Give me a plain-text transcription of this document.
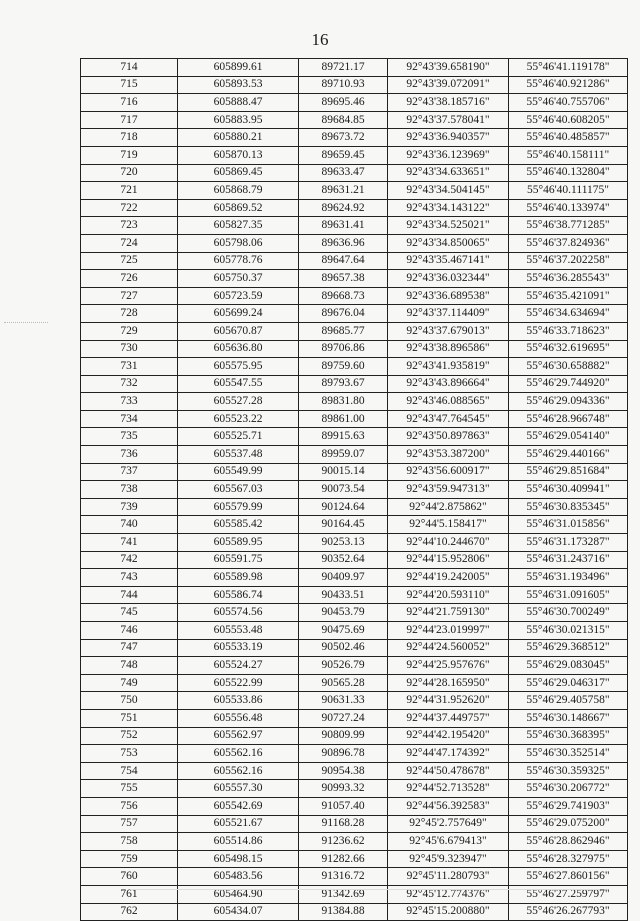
16
714	605899.61	89721.17	92°43'39.658190"	55°46'41.119178"
715	605893.53	89710.93	92°43'39.072091"	55°46'40.921286"
716	605888.47	89695.46	92°43'38.185716"	55°46'40.755706"
717	605883.95	89684.85	92°43'37.578041"	55°46'40.608205"
718	605880.21	89673.72	92°43'36.940357"	55°46'40.485857"
719	605870.13	89659.45	92°43'36.123969"	55°46'40.158111"
720	605869.45	89633.47	92°43'34.633651"	55°46'40.132804"
721	605868.79	89631.21	92°43'34.504145"	55°46'40.111175"
722	605869.52	89624.92	92°43'34.143122"	55°46'40.133974"
723	605827.35	89631.41	92°43'34.525021"	55°46'38.771285"
724	605798.06	89636.96	92°43'34.850065"	55°46'37.824936"
725	605778.76	89647.64	92°43'35.467141"	55°46'37.202258"
726	605750.37	89657.38	92°43'36.032344"	55°46'36.285543"
727	605723.59	89668.73	92°43'36.689538"	55°46'35.421091"
728	605699.24	89676.04	92°43'37.114409"	55°46'34.634694"
729	605670.87	89685.77	92°43'37.679013"	55°46'33.718623"
730	605636.80	89706.86	92°43'38.896586"	55°46'32.619695"
731	605575.95	89759.60	92°43'41.935819"	55°46'30.658882"
732	605547.55	89793.67	92°43'43.896664"	55°46'29.744920"
733	605527.28	89831.80	92°43'46.088565"	55°46'29.094336"
734	605523.22	89861.00	92°43'47.764545"	55°46'28.966748"
735	605525.71	89915.63	92°43'50.897863"	55°46'29.054140"
736	605537.48	89959.07	92°43'53.387200"	55°46'29.440166"
737	605549.99	90015.14	92°43'56.600917"	55°46'29.851684"
738	605567.03	90073.54	92°43'59.947313"	55°46'30.409941"
739	605579.99	90124.64	92°44'2.875862"	55°46'30.835345"
740	605585.42	90164.45	92°44'5.158417"	55°46'31.015856"
741	605589.95	90253.13	92°44'10.244670"	55°46'31.173287"
742	605591.75	90352.64	92°44'15.952806"	55°46'31.243716"
743	605589.98	90409.97	92°44'19.242005"	55°46'31.193496"
744	605586.74	90433.51	92°44'20.593110"	55°46'31.091605"
745	605574.56	90453.79	92°44'21.759130"	55°46'30.700249"
746	605553.48	90475.69	92°44'23.019997"	55°46'30.021315"
747	605533.19	90502.46	92°44'24.560052"	55°46'29.368512"
748	605524.27	90526.79	92°44'25.957676"	55°46'29.083045"
749	605522.99	90565.28	92°44'28.165950"	55°46'29.046317"
750	605533.86	90631.33	92°44'31.952620"	55°46'29.405758"
751	605556.48	90727.24	92°44'37.449757"	55°46'30.148667"
752	605562.97	90809.99	92°44'42.195420"	55°46'30.368395"
753	605562.16	90896.78	92°44'47.174392"	55°46'30.352514"
754	605562.16	90954.38	92°44'50.478678"	55°46'30.359325"
755	605557.30	90993.32	92°44'52.713528"	55°46'30.206772"
756	605542.69	91057.40	92°44'56.392583"	55°46'29.741903"
757	605521.67	91168.28	92°45'2.757649"	55°46'29.075200"
758	605514.86	91236.62	92°45'6.679413"	55°46'28.862946"
759	605498.15	91282.66	92°45'9.323947"	55°46'28.327975"
760	605483.56	91316.72	92°45'11.280793"	55°46'27.860156"
761	605464.90	91342.69	92°45'12.774376"	55°46'27.259797"
762	605434.07	91384.88	92°45'15.200880"	55°46'26.267793"
